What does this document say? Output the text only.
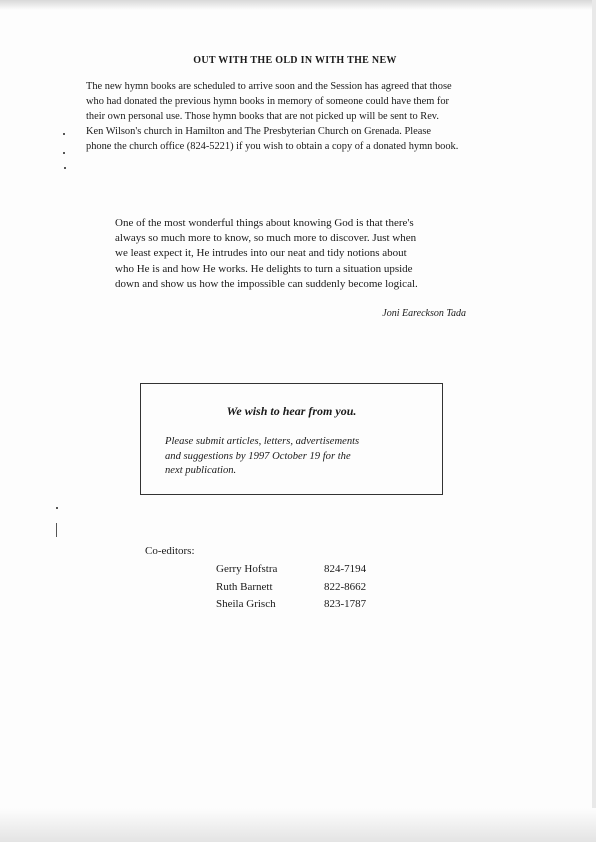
OUT WITH THE OLD IN WITH THE NEW
The new hymn books are scheduled to arrive soon and the Session has agreed that those
who had donated the previous hymn books in memory of someone could have them for
their own personal use. Those hymn books that are not picked up will be sent to Rev.
Ken Wilson's church in Hamilton and The Presbyterian Church on Grenada. Please
phone the church office (824-5221) if you wish to obtain a copy of a donated hymn book.
One of the most wonderful things about knowing God is that there's
always so much more to know, so much more to discover. Just when
we least expect it, He intrudes into our neat and tidy notions about
who He is and how He works. He delights to turn a situation upside
down and show us how the impossible can suddenly become logical.
Joni Eareckson Tada
We wish to hear from you.
Please submit articles, letters, advertisements
and suggestions by 1997 October 19 for the
next publication.
Co-editors:
Gerry Hofstra	824-7194
Ruth Barnett	822-8662
Sheila Grisch	823-1787
